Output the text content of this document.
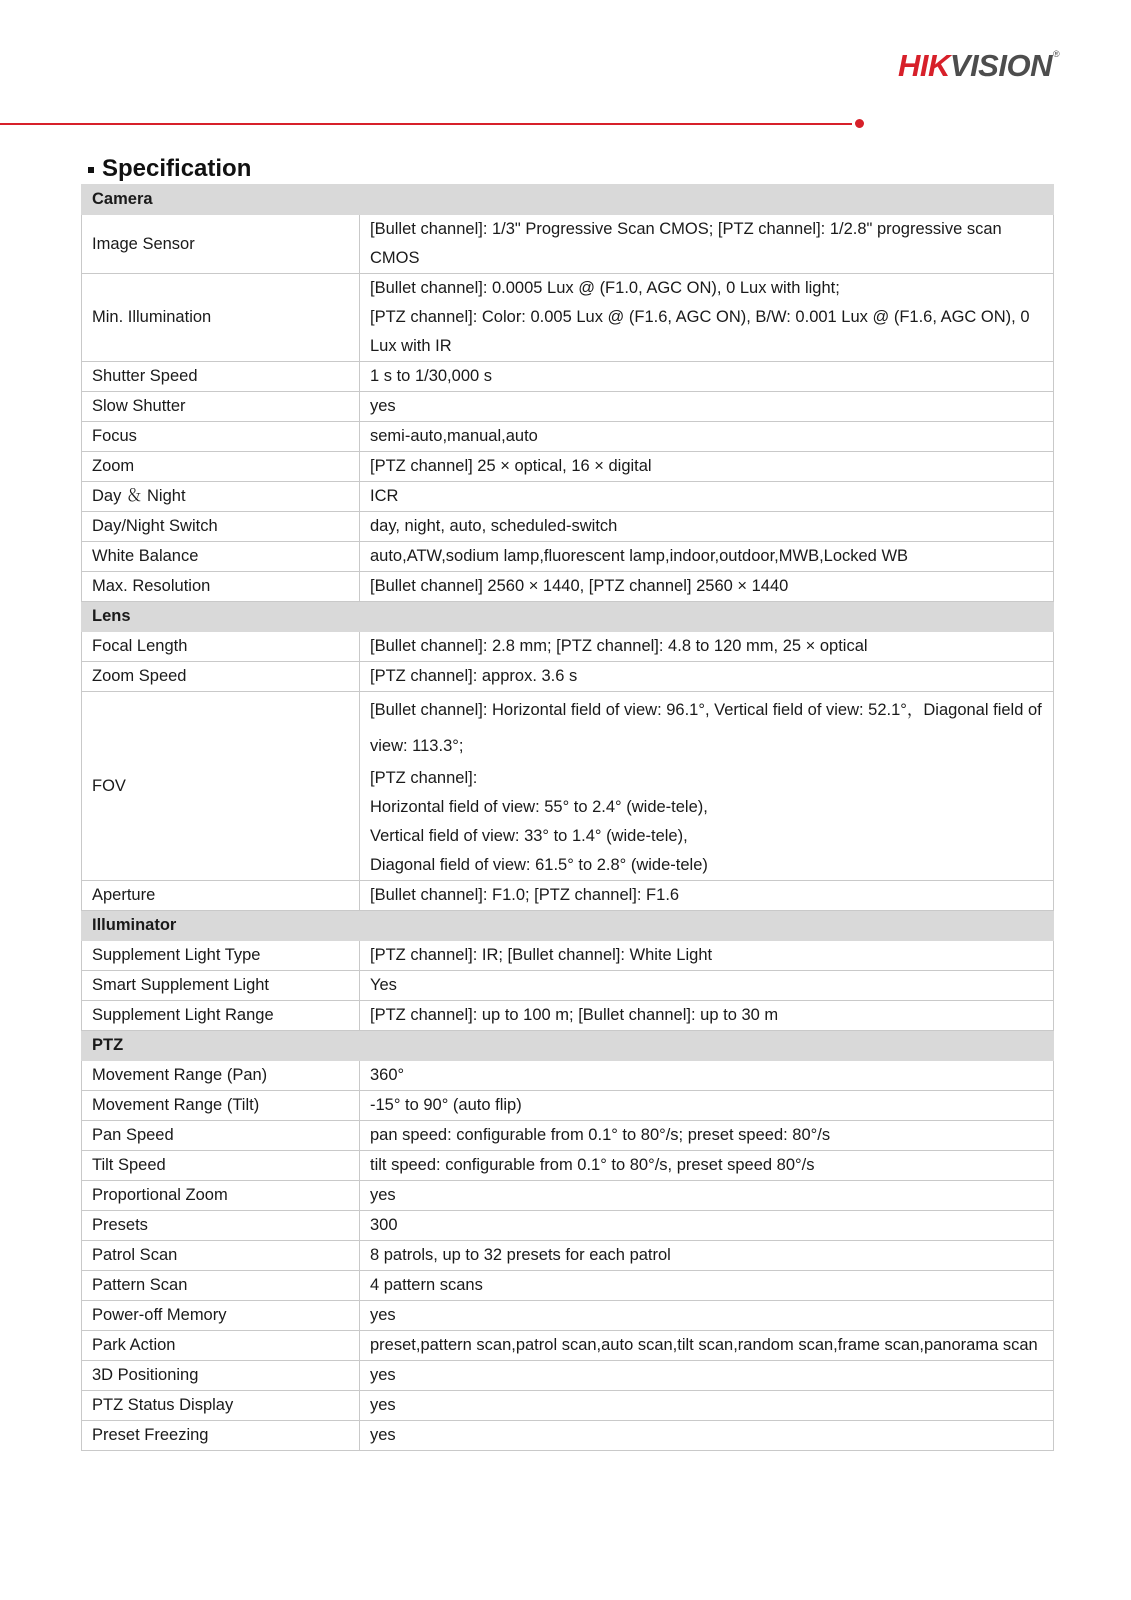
HIKVISION®
Specification
Camera	
Image Sensor	[Bullet channel]: 1/3" Progressive Scan CMOS; [PTZ channel]: 1/2.8" progressive scan CMOS
Min. Illumination	[Bullet channel]: 0.0005 Lux @ (F1.0, AGC ON), 0 Lux with light;
[PTZ channel]: Color: 0.005 Lux @ (F1.6, AGC ON), B/W: 0.001 Lux @ (F1.6, AGC ON), 0 Lux with IR

Shutter Speed	1 s to 1/30,000 s
Slow Shutter	yes
Focus	semi-auto,manual,auto
Zoom	[PTZ channel] 25 × optical, 16 × digital
Day ＆ Night	ICR
Day/Night Switch	day, night, auto, scheduled-switch
White Balance	auto,ATW,sodium lamp,fluorescent lamp,indoor,outdoor,MWB,Locked WB
Max. Resolution	[Bullet channel] 2560 × 1440, [PTZ channel] 2560 × 1440
Lens	
Focal Length	[Bullet channel]: 2.8 mm; [PTZ channel]: 4.8 to 120 mm, 25 × optical
Zoom Speed	[PTZ channel]: approx. 3.6 s
FOV	[Bullet channel]: Horizontal field of view: 96.1°, Vertical field of view: 52.1°，Diagonal field of view: 113.3°;
[PTZ channel]:
Horizontal field of view: 55° to 2.4° (wide-tele),
Vertical field of view: 33° to 1.4° (wide-tele),
Diagonal field of view: 61.5° to 2.8° (wide-tele)

Aperture	[Bullet channel]: F1.0; [PTZ channel]: F1.6
Illuminator	
Supplement Light Type	[PTZ channel]: IR; [Bullet channel]: White Light
Smart Supplement Light	Yes
Supplement Light Range	[PTZ channel]: up to 100 m; [Bullet channel]: up to 30 m
PTZ	
Movement Range (Pan)	360°
Movement Range (Tilt)	-15° to 90° (auto flip)
Pan Speed	pan speed: configurable from 0.1° to 80°/s; preset speed: 80°/s
Tilt Speed	tilt speed: configurable from 0.1° to 80°/s, preset speed 80°/s
Proportional Zoom	yes
Presets	300
Patrol Scan	8 patrols, up to 32 presets for each patrol
Pattern Scan	4 pattern scans
Power-off Memory	yes
Park Action	preset,pattern scan,patrol scan,auto scan,tilt scan,random scan,frame scan,panorama scan
3D Positioning	yes
PTZ Status Display	yes
Preset Freezing	yes
